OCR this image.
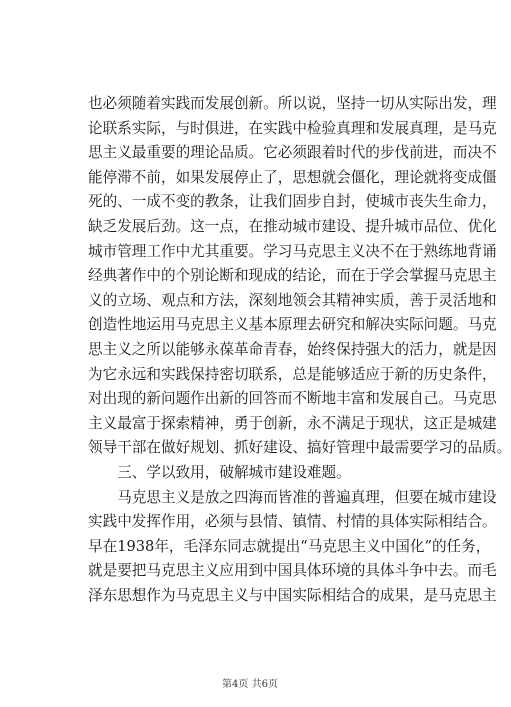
也必须随着实践而发展创新。所以说，坚持一切从实际出发，理
论联系实际，与时俱进，在实践中检验真理和发展真理，是马克
思主义最重要的理论品质。它必须跟着时代的步伐前进，而决不
能停滞不前，如果发展停止了，思想就会僵化，理论就将变成僵
死的、一成不变的教条，让我们固步自封，使城市丧失生命力，
缺乏发展后劲。这一点，在推动城市建设、提升城市品位、优化
城市管理工作中尤其重要。学习马克思主义决不在于熟练地背诵
经典著作中的个别论断和现成的结论，而在于学会掌握马克思主
义的立场、观点和方法，深刻地领会其精神实质，善于灵活地和
创造性地运用马克思主义基本原理去研究和解决实际问题。马克
思主义之所以能够永葆革命青春，始终保持强大的活力，就是因
为它永远和实践保持密切联系，总是能够适应于新的历史条件，
对出现的新问题作出新的回答而不断地丰富和发展自己。马克思
主义最富于探索精神，勇于创新，永不满足于现状，这正是城建
领导干部在做好规划、抓好建设、搞好管理中最需要学习的品质。
　　三、学以致用，破解城市建设难题。
　　马克思主义是放之四海而皆准的普遍真理，但要在城市建设
实践中发挥作用，必须与县情、镇情、村情的具体实际相结合。
早在1938年，毛泽东同志就提出“马克思主义中国化”的任务，
就是要把马克思主义应用到中国具体环境的具体斗争中去。而毛
泽东思想作为马克思主义与中国实际相结合的成果，是马克思主
第4页 共6页
